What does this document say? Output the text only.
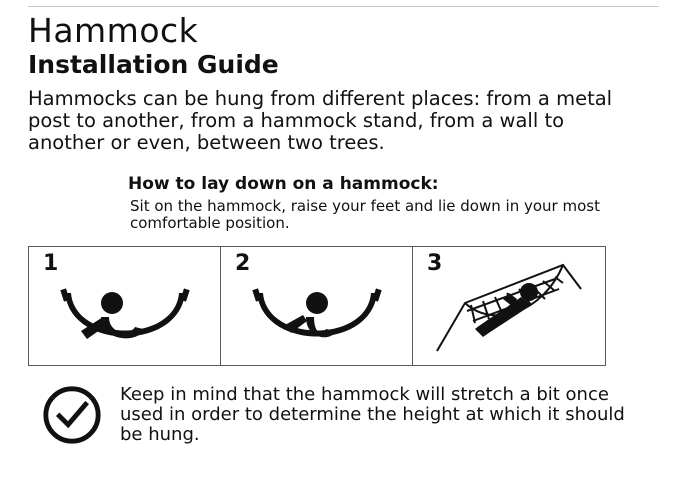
Hammock
Installation Guide

Hammocks can be hung from different places: from a metal post to another, from a hammock stand, from a wall to another or even, between two trees.

How to lay down on a hammock:

Sit on the hammock, raise your feet and lie down in your most comfortable position.

1	2	3
Keep in mind that the hammock will stretch a bit once used in order to determine the height at which it should be hung.
